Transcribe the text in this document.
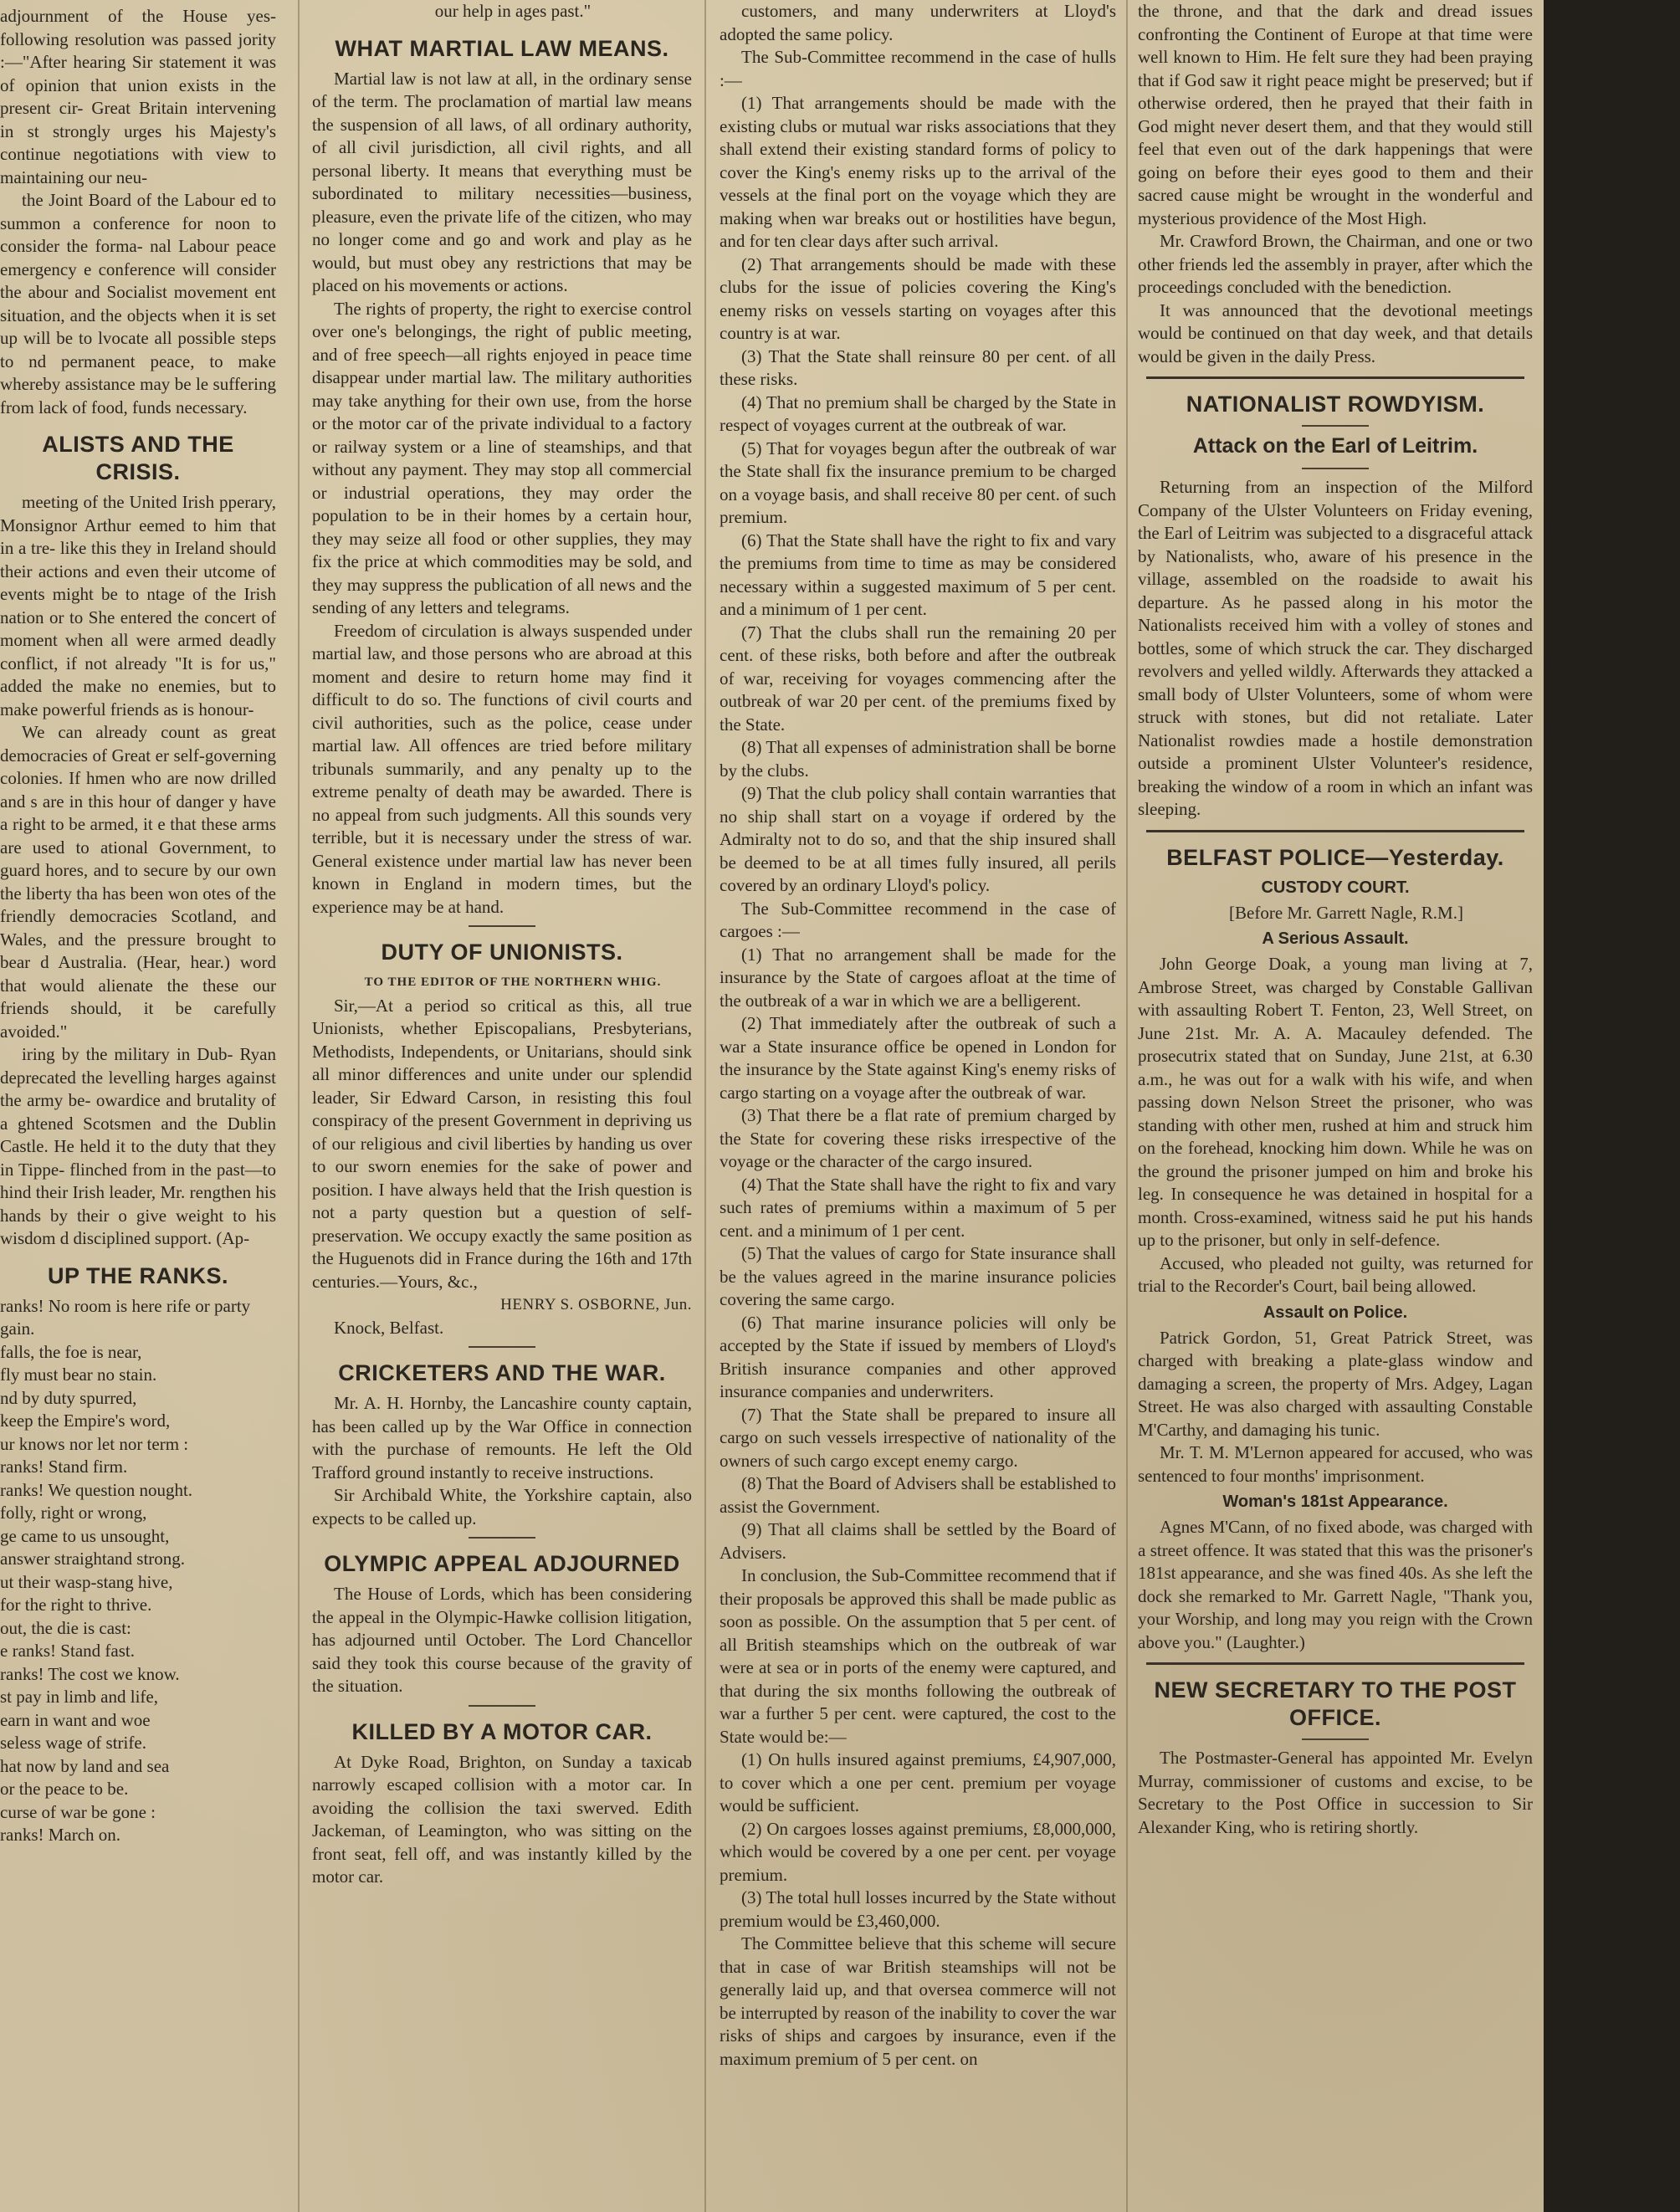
adjournment of the House yes- following resolution was passed jority :—"After hearing Sir statement it was of opinion that union exists in the present cir- Great Britain intervening in st strongly urges his Majesty's continue negotiations with view to maintaining our neu-

the Joint Board of the Labour ed to summon a conference for noon to consider the forma- nal Labour peace emergency e conference will consider the abour and Socialist movement ent situation, and the objects when it is set up will be to lvocate all possible steps to nd permanent peace, to make whereby assistance may be le suffering from lack of food, funds necessary.

ALISTS AND THE CRISIS.

meeting of the United Irish pperary, Monsignor Arthur eemed to him that in a tre- like this they in Ireland should their actions and even their utcome of events might be to ntage of the Irish nation or to She entered the concert of moment when all were armed deadly conflict, if not already "It is for us," added the make no enemies, but to make powerful friends as is honour-

We can already count as great democracies of Great er self-governing colonies. If hmen who are now drilled and s are in this hour of danger y have a right to be armed, it e that these arms are used to ational Government, to guard hores, and to secure by our own the liberty tha has been won otes of the friendly democracies Scotland, and Wales, and the pressure brought to bear d Australia. (Hear, hear.) word that would alienate the these our friends should, it be carefully avoided."

iring by the military in Dub- Ryan deprecated the levelling harges against the army be- owardice and brutality of a ghtened Scotsmen and the Dublin Castle. He held it to the duty that they in Tippe- flinched from in the past—to hind their Irish leader, Mr. rengthen his hands by their o give weight to his wisdom d disciplined support. (Ap-

UP THE RANKS.

ranks! No room is here rife or party gain.

falls, the foe is near,

fly must bear no stain.

nd by duty spurred,

keep the Empire's word,

ur knows nor let nor term :

ranks! Stand firm.

ranks! We question nought.

folly, right or wrong,

ge came to us unsought,

answer straightand strong.

ut their wasp-stang hive,

for the right to thrive.

out, the die is cast:

e ranks! Stand fast.

ranks! The cost we know.

st pay in limb and life,

earn in want and woe

seless wage of strife.

hat now by land and sea

or the peace to be.

curse of war be gone :

ranks! March on.

our help in ages past."

WHAT MARTIAL LAW MEANS.

Martial law is not law at all, in the ordinary sense of the term. The proclamation of martial law means the suspension of all laws, of all ordinary authority, of all civil jurisdiction, all civil rights, and all personal liberty. It means that everything must be subordinated to military necessities—business, pleasure, even the private life of the citizen, who may no longer come and go and work and play as he would, but must obey any restrictions that may be placed on his movements or actions.

The rights of property, the right to exercise control over one's belongings, the right of public meeting, and of free speech—all rights enjoyed in peace time disappear under martial law. The military authorities may take anything for their own use, from the horse or the motor car of the private individual to a factory or railway system or a line of steamships, and that without any payment. They may stop all commercial or industrial operations, they may order the population to be in their homes by a certain hour, they may seize all food or other supplies, they may fix the price at which commodities may be sold, and they may suppress the publication of all news and the sending of any letters and telegrams.

Freedom of circulation is always suspended under martial law, and those persons who are abroad at this moment and desire to return home may find it difficult to do so. The functions of civil courts and civil authorities, such as the police, cease under martial law. All offences are tried before military tribunals summarily, and any penalty up to the extreme penalty of death may be awarded. There is no appeal from such judgments. All this sounds very terrible, but it is necessary under the stress of war. General existence under martial law has never been known in England in modern times, but the experience may be at hand.

DUTY OF UNIONISTS.

TO THE EDITOR OF THE NORTHERN WHIG.

Sir,—At a period so critical as this, all true Unionists, whether Episcopalians, Presbyterians, Methodists, Independents, or Unitarians, should sink all minor differences and unite under our splendid leader, Sir Edward Carson, in resisting this foul conspiracy of the present Government in depriving us of our religious and civil liberties by handing us over to our sworn enemies for the sake of power and position. I have always held that the Irish question is not a party question but a question of self-preservation. We occupy exactly the same position as the Huguenots did in France during the 16th and 17th centuries.—Yours, &c.,

HENRY S. OSBORNE, Jun.

Knock, Belfast.

CRICKETERS AND THE WAR.

Mr. A. H. Hornby, the Lancashire county captain, has been called up by the War Office in connection with the purchase of remounts. He left the Old Trafford ground instantly to receive instructions.

Sir Archibald White, the Yorkshire captain, also expects to be called up.

OLYMPIC APPEAL ADJOURNED

The House of Lords, which has been considering the appeal in the Olympic-Hawke collision litigation, has adjourned until October. The Lord Chancellor said they took this course because of the gravity of the situation.

KILLED BY A MOTOR CAR.

At Dyke Road, Brighton, on Sunday a taxicab narrowly escaped collision with a motor car. In avoiding the collision the taxi swerved. Edith Jackeman, of Leamington, who was sitting on the front seat, fell off, and was instantly killed by the motor car.

customers, and many underwriters at Lloyd's adopted the same policy.

The Sub-Committee recommend in the case of hulls :—

(1) That arrangements should be made with the existing clubs or mutual war risks associations that they shall extend their existing standard forms of policy to cover the King's enemy risks up to the arrival of the vessels at the final port on the voyage which they are making when war breaks out or hostilities have begun, and for ten clear days after such arrival.

(2) That arrangements should be made with these clubs for the issue of policies covering the King's enemy risks on vessels starting on voyages after this country is at war.

(3) That the State shall reinsure 80 per cent. of all these risks.

(4) That no premium shall be charged by the State in respect of voyages current at the outbreak of war.

(5) That for voyages begun after the outbreak of war the State shall fix the insurance premium to be charged on a voyage basis, and shall receive 80 per cent. of such premium.

(6) That the State shall have the right to fix and vary the premiums from time to time as may be considered necessary within a suggested maximum of 5 per cent. and a minimum of 1 per cent.

(7) That the clubs shall run the remaining 20 per cent. of these risks, both before and after the outbreak of war, receiving for voyages commencing after the outbreak of war 20 per cent. of the premiums fixed by the State.

(8) That all expenses of administration shall be borne by the clubs.

(9) That the club policy shall contain warranties that no ship shall start on a voyage if ordered by the Admiralty not to do so, and that the ship insured shall be deemed to be at all times fully insured, all perils covered by an ordinary Lloyd's policy.

The Sub-Committee recommend in the case of cargoes :—

(1) That no arrangement shall be made for the insurance by the State of cargoes afloat at the time of the outbreak of a war in which we are a belligerent.

(2) That immediately after the outbreak of such a war a State insurance office be opened in London for the insurance by the State against King's enemy risks of cargo starting on a voyage after the outbreak of war.

(3) That there be a flat rate of premium charged by the State for covering these risks irrespective of the voyage or the character of the cargo insured.

(4) That the State shall have the right to fix and vary such rates of premiums within a maximum of 5 per cent. and a minimum of 1 per cent.

(5) That the values of cargo for State insurance shall be the values agreed in the marine insurance policies covering the same cargo.

(6) That marine insurance policies will only be accepted by the State if issued by members of Lloyd's British insurance companies and other approved insurance companies and underwriters.

(7) That the State shall be prepared to insure all cargo on such vessels irrespective of nationality of the owners of such cargo except enemy cargo.

(8) That the Board of Advisers shall be established to assist the Government.

(9) That all claims shall be settled by the Board of Advisers.

In conclusion, the Sub-Committee recommend that if their proposals be approved this shall be made public as soon as possible. On the assumption that 5 per cent. of all British steamships which on the outbreak of war were at sea or in ports of the enemy were captured, and that during the six months following the outbreak of war a further 5 per cent. were captured, the cost to the State would be:—

(1) On hulls insured against premiums, £4,907,000, to cover which a one per cent. premium per voyage would be sufficient.

(2) On cargoes losses against premiums, £8,000,000, which would be covered by a one per cent. per voyage premium.

(3) The total hull losses incurred by the State without premium would be £3,460,000.

The Committee believe that this scheme will secure that in case of war British steamships will not be generally laid up, and that oversea commerce will not be interrupted by reason of the inability to cover the war risks of ships and cargoes by insurance, even if the maximum premium of 5 per cent. on

the throne, and that the dark and dread issues confronting the Continent of Europe at that time were well known to Him. He felt sure they had been praying that if God saw it right peace might be preserved; but if otherwise ordered, then he prayed that their faith in God might never desert them, and that they would still feel that even out of the dark happenings that were going on before their eyes good to them and their sacred cause might be wrought in the wonderful and mysterious providence of the Most High.

Mr. Crawford Brown, the Chairman, and one or two other friends led the assembly in prayer, after which the proceedings concluded with the benediction.

It was announced that the devotional meetings would be continued on that day week, and that details would be given in the daily Press.

NATIONALIST ROWDYISM.
Attack on the Earl of Leitrim.

Returning from an inspection of the Milford Company of the Ulster Volunteers on Friday evening, the Earl of Leitrim was subjected to a disgraceful attack by Nationalists, who, aware of his presence in the village, assembled on the roadside to await his departure. As he passed along in his motor the Nationalists received him with a volley of stones and bottles, some of which struck the car. They discharged revolvers and yelled wildly. Afterwards they attacked a small body of Ulster Volunteers, some of whom were struck with stones, but did not retaliate. Later Nationalist rowdies made a hostile demonstration outside a prominent Ulster Volunteer's residence, breaking the window of a room in which an infant was sleeping.

BELFAST POLICE—Yesterday.
CUSTODY COURT.

[Before Mr. Garrett Nagle, R.M.]

A Serious Assault.

John George Doak, a young man living at 7, Ambrose Street, was charged by Constable Gallivan with assaulting Robert T. Fenton, 23, Well Street, on June 21st. Mr. A. A. Macauley defended. The prosecutrix stated that on Sunday, June 21st, at 6.30 a.m., he was out for a walk with his wife, and when passing down Nelson Street the prisoner, who was standing with other men, rushed at him and struck him on the forehead, knocking him down. While he was on the ground the prisoner jumped on him and broke his leg. In consequence he was detained in hospital for a month. Cross-examined, witness said he put his hands up to the prisoner, but only in self-defence.

Accused, who pleaded not guilty, was returned for trial to the Recorder's Court, bail being allowed.

Assault on Police.

Patrick Gordon, 51, Great Patrick Street, was charged with breaking a plate-glass window and damaging a screen, the property of Mrs. Adgey, Lagan Street. He was also charged with assaulting Constable M'Carthy, and damaging his tunic.

Mr. T. M. M'Lernon appeared for accused, who was sentenced to four months' imprisonment.

Woman's 181st Appearance.

Agnes M'Cann, of no fixed abode, was charged with a street offence. It was stated that this was the prisoner's 181st appearance, and she was fined 40s. As she left the dock she remarked to Mr. Garrett Nagle, "Thank you, your Worship, and long may you reign with the Crown above you." (Laughter.)

NEW SECRETARY TO THE POST OFFICE.

The Postmaster-General has appointed Mr. Evelyn Murray, commissioner of customs and excise, to be Secretary to the Post Office in succession to Sir Alexander King, who is retiring shortly.
